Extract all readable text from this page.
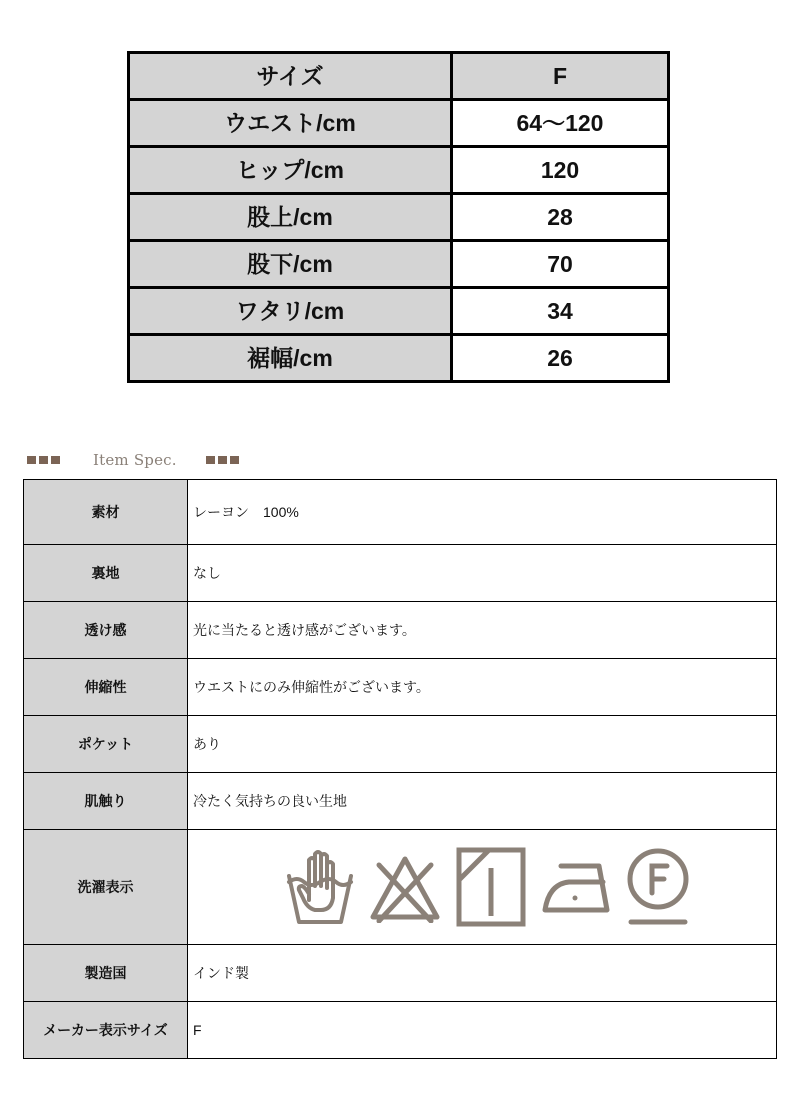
サイズ	F
ウエスト/cm	64〜120
ヒップ/cm	120
股上/cm	28
股下/cm	70
ワタリ/cm	34
裾幅/cm	26
Item Spec.
素材	レーヨン　100%
裏地	なし
透け感	光に当たると透け感がございます。
伸縮性	ウエストにのみ伸縮性がございます。
ポケット	あり
肌触り	冷たく気持ちの良い生地
洗濯表示	

製造国	インド製
メーカー表示サイズ	F
